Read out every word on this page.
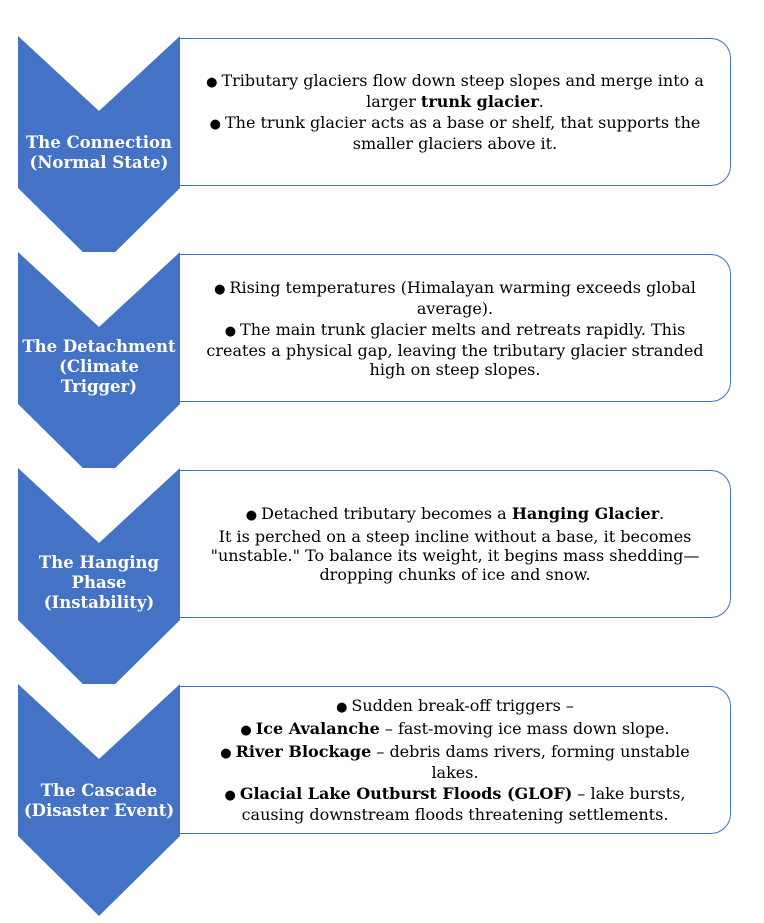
The Connection
(Normal State)
● Tributary glaciers flow down steep slopes and merge into a larger trunk glacier.
● The trunk glacier acts as a base or shelf, that supports the smaller glaciers above it.
The Detachment
(Climate
Trigger)
● Rising temperatures (Himalayan warming exceeds global average).
● The main trunk glacier melts and retreats rapidly. This creates a physical gap, leaving the tributary glacier stranded high on steep slopes.
The Hanging
Phase
(Instability)
● Detached tributary becomes a Hanging Glacier.
It is perched on a steep incline without a base, it becomes "unstable." To balance its weight, it begins mass shedding—dropping chunks of ice and snow.
The Cascade
(Disaster Event)
● Sudden break-off triggers –
● Ice Avalanche – fast-moving ice mass down slope.
● River Blockage – debris dams rivers, forming unstable lakes.
● Glacial Lake Outburst Floods (GLOF) – lake bursts, causing downstream floods threatening settlements.
